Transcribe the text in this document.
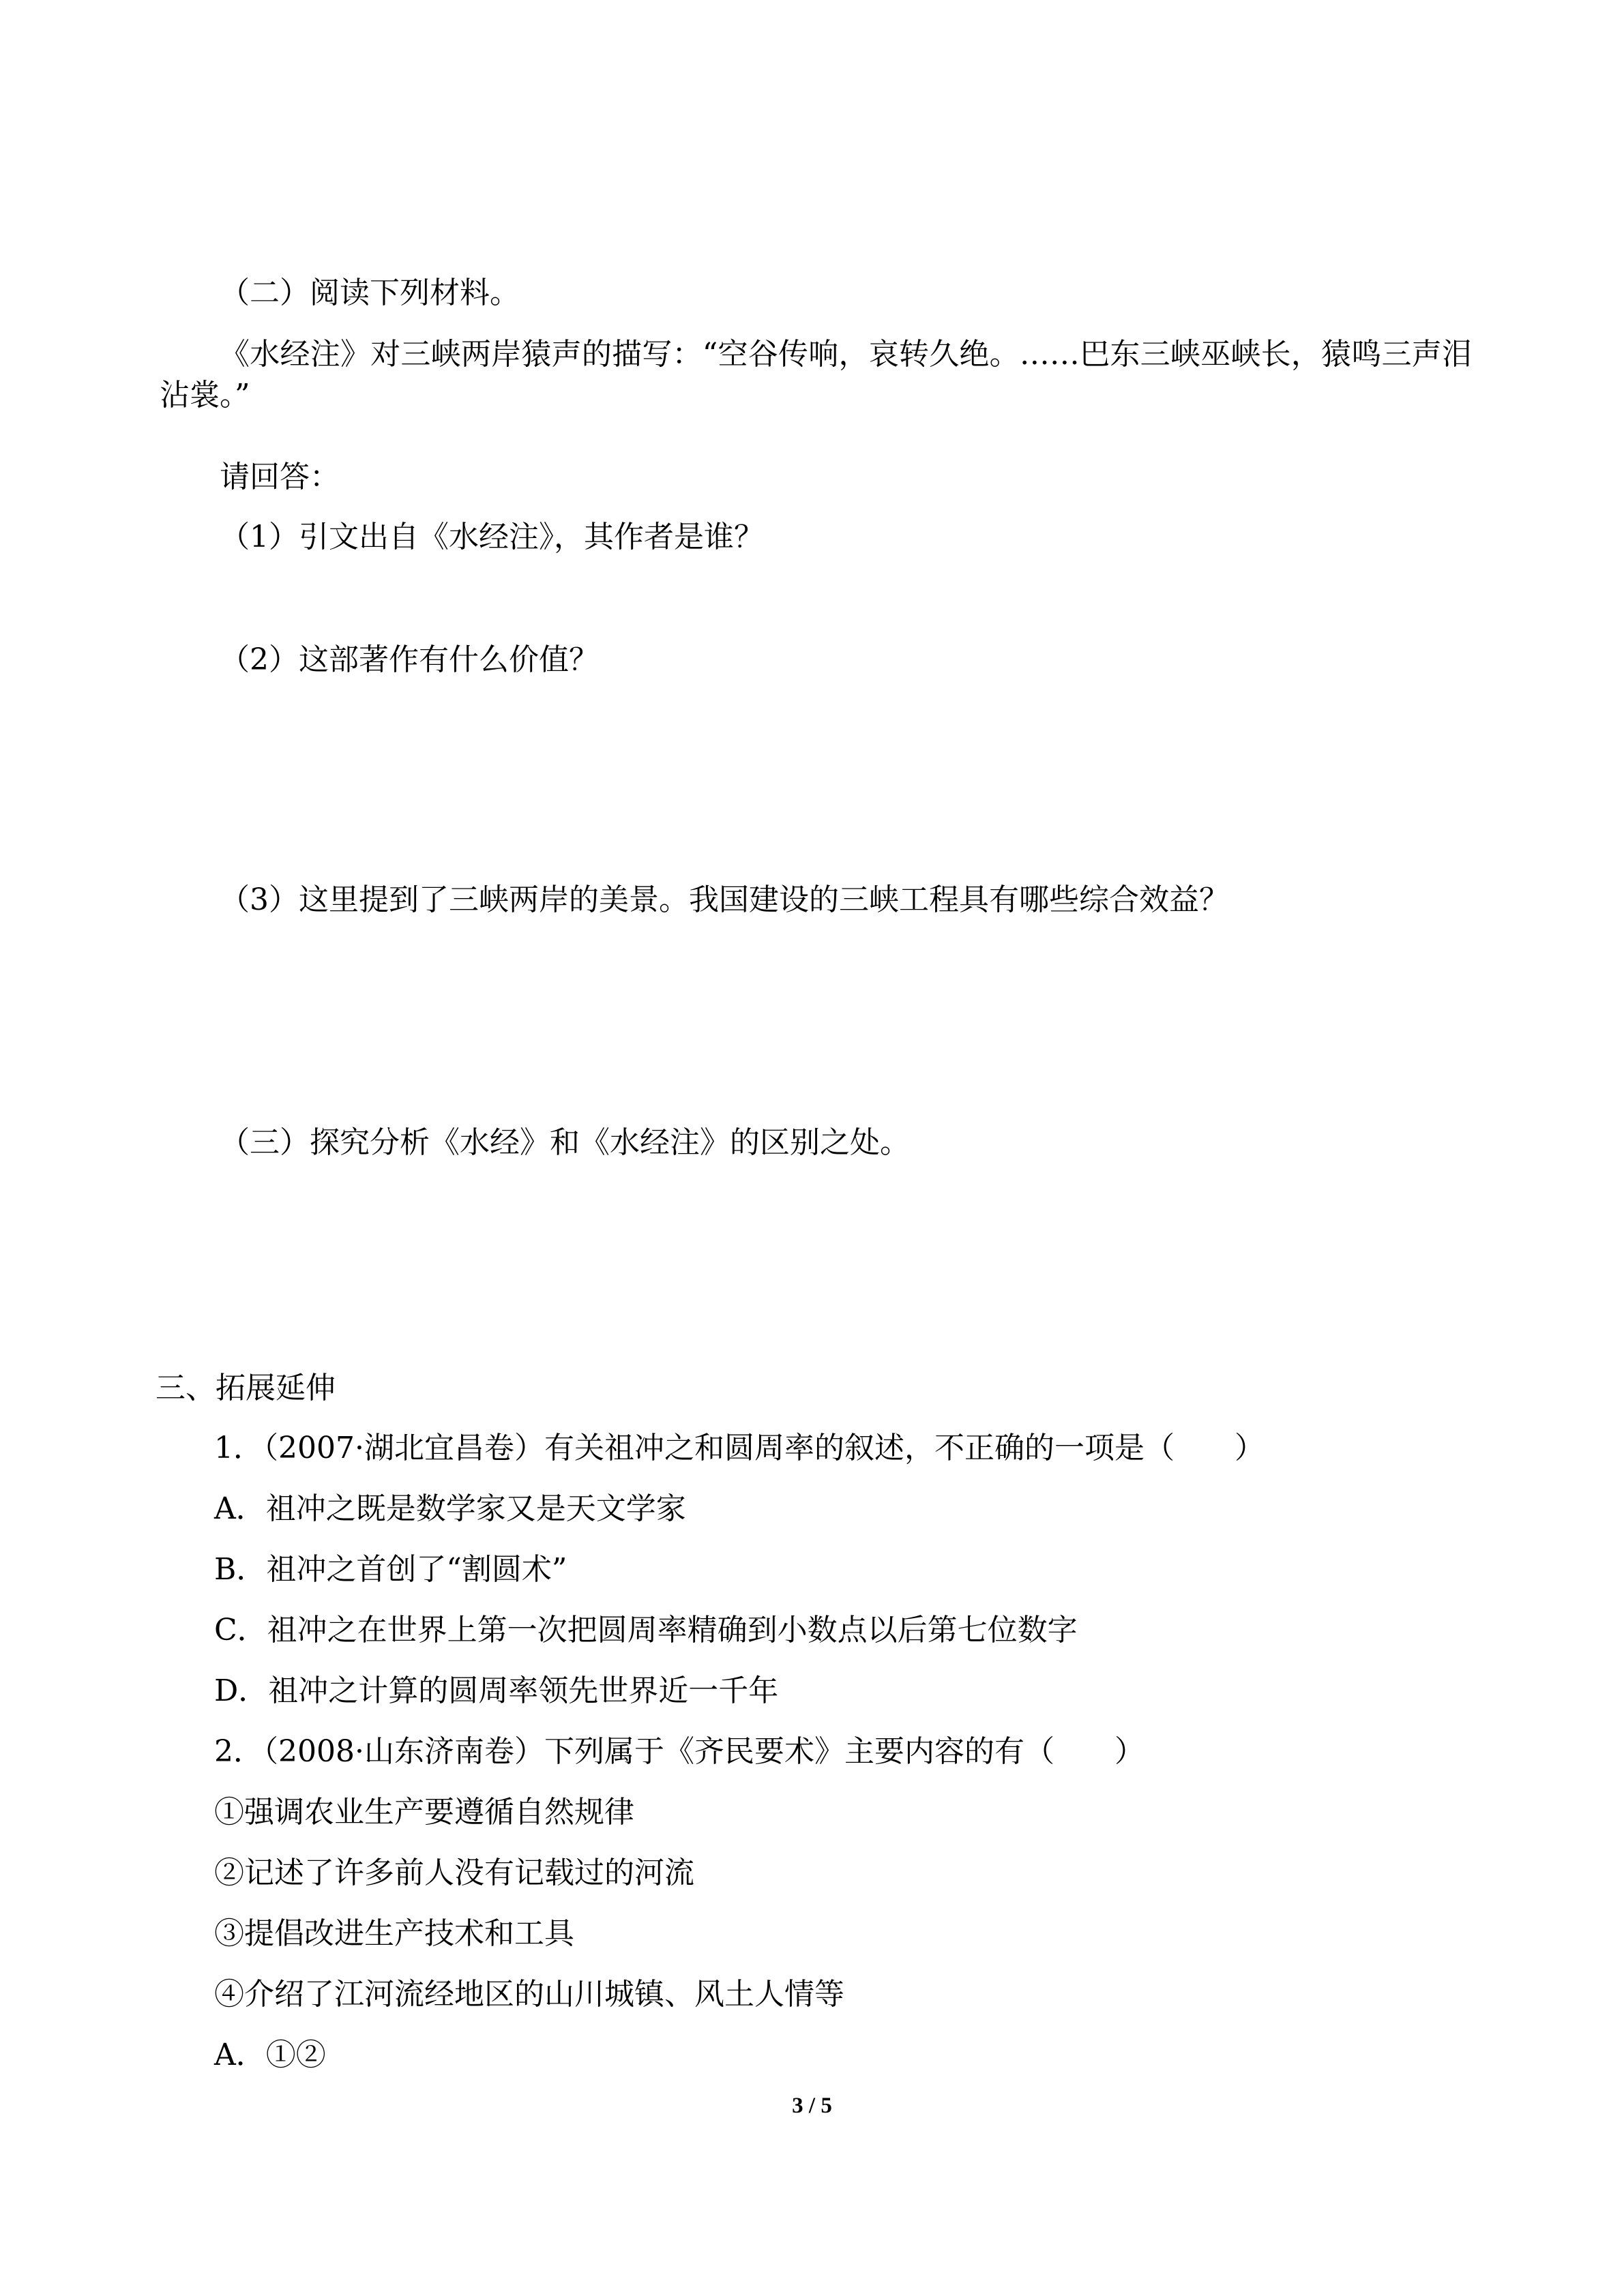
（二）阅读下列材料。

《水经注》对三峡两岸猿声的描写：“空谷传响，哀转久绝。……巴东三峡巫峡长，猿鸣三声泪沾裳。”

请回答：

（1）引文出自《水经注》，其作者是谁？

（2）这部著作有什么价值？

（3）这里提到了三峡两岸的美景。我国建设的三峡工程具有哪些综合效益？

（三）探究分析《水经》和《水经注》的区别之处。

三、拓展延伸

1．（2007·湖北宜昌卷）有关祖冲之和圆周率的叙述，不正确的一项是（　　）

A．祖冲之既是数学家又是天文学家

B．祖冲之首创了“割圆术”

C．祖冲之在世界上第一次把圆周率精确到小数点以后第七位数字

D．祖冲之计算的圆周率领先世界近一千年

2．（2008·山东济南卷）下列属于《齐民要术》主要内容的有（　　）

①强调农业生产要遵循自然规律

②记述了许多前人没有记载过的河流

③提倡改进生产技术和工具

④介绍了江河流经地区的山川城镇、风土人情等

A．①②

3 / 5
